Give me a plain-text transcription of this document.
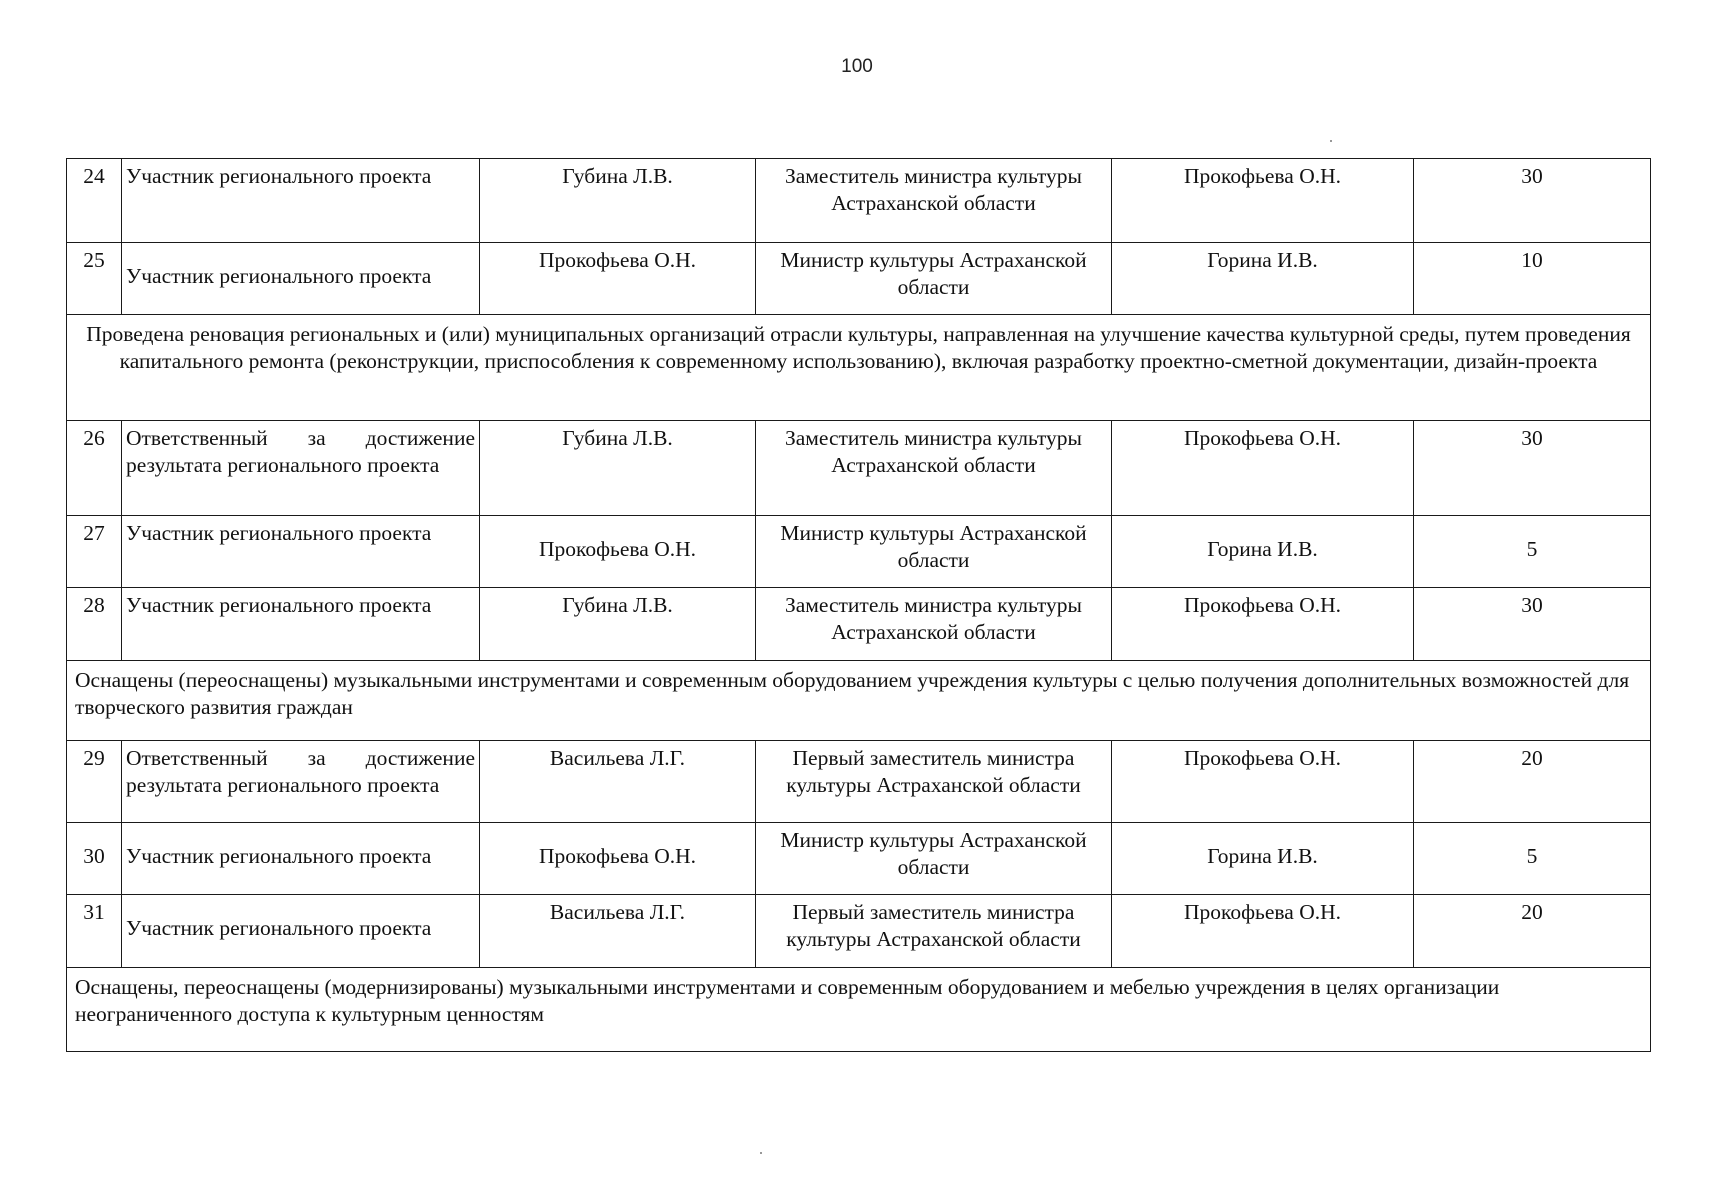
100
24	Участник регионального проекта	Губина Л.В.	Заместитель министра культуры Астраханской области	Прокофьева О.Н.	30
25	Участник регионального проекта	Прокофьева О.Н.	Министр культуры Астраханской области	Горина И.В.	10
Проведена реновация региональных и (или) муниципальных организаций отрасли культуры, направленная на улучшение качества культурной среды, путем проведения капитального ремонта (реконструкции, приспособления к современному использованию), включая разработку проектно-сметной документации, дизайн-проекта					
26	Ответственный за достижение результата регионального проекта	Губина Л.В.	Заместитель министра культуры Астраханской области	Прокофьева О.Н.	30
27	Участник регионального проекта	Прокофьева О.Н.	Министр культуры Астраханской области	Горина И.В.	5
28	Участник регионального проекта	Губина Л.В.	Заместитель министра культуры Астраханской области	Прокофьева О.Н.	30
Оснащены (переоснащены) музыкальными инструментами и современным оборудованием учреждения культуры с целью получения дополнительных возможностей для творческого развития граждан					
29	Ответственный за достижение результата регионального проекта	Васильева Л.Г.	Первый заместитель министра культуры Астраханской области	Прокофьева О.Н.	20
30	Участник регионального проекта	Прокофьева О.Н.	Министр культуры Астраханской области	Горина И.В.	5
31	Участник регионального проекта	Васильева Л.Г.	Первый заместитель министра культуры Астраханской области	Прокофьева О.Н.	20
Оснащены, переоснащены (модернизированы) музыкальными инструментами и современным оборудованием и мебелью учреждения в целях организации неограниченного доступа к культурным ценностям					
